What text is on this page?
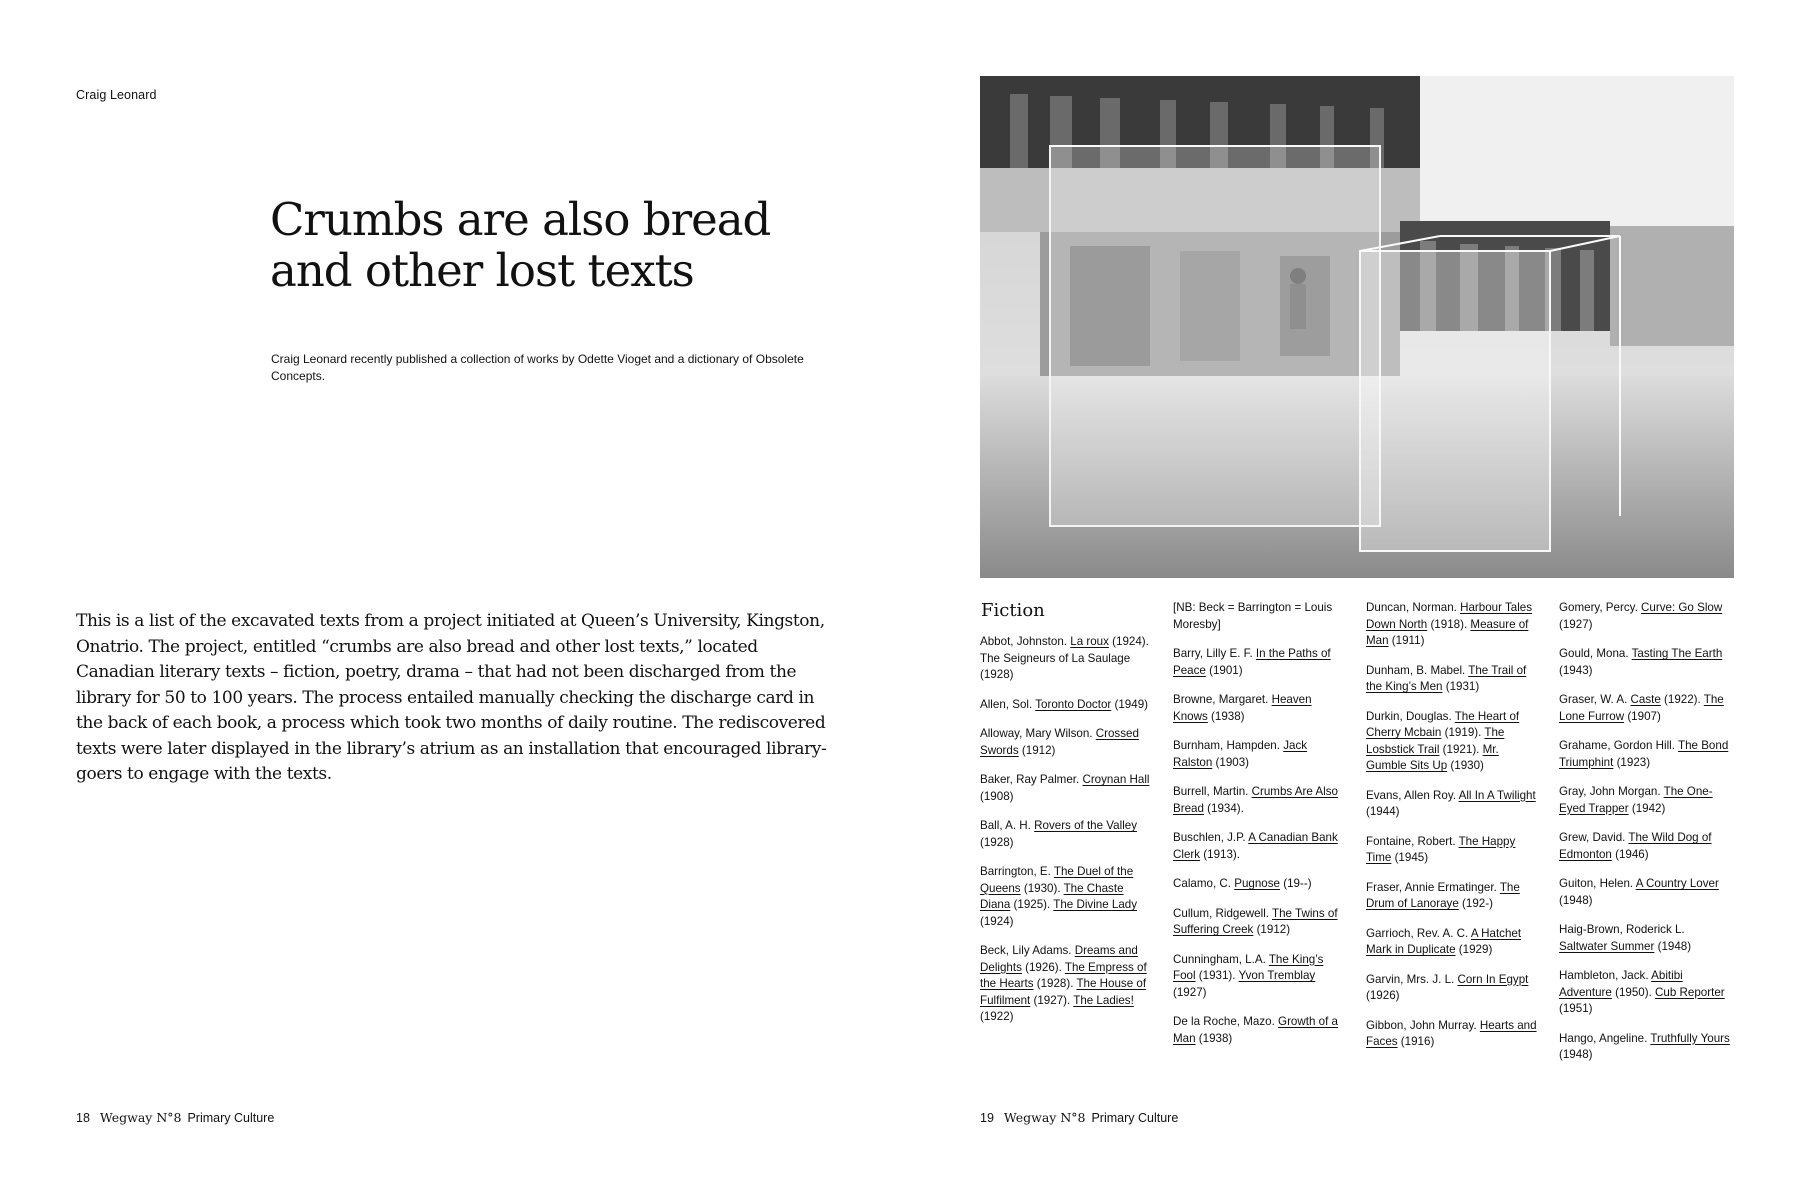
Craig Leonard
Crumbs are also bread
and other lost texts
Craig Leonard recently published a collection of works by Odette Vioget and a dictionary of Obsolete Concepts.
This is a list of the excavated texts from a project initiated at Queen’s University, Kingston, Onatrio. The project, entitled “crumbs are also bread and other lost texts,” located Canadian literary texts – fiction, poetry, drama – that had not been discharged from the library for 50 to 100 years. The process entailed manually checking the discharge card in the back of each book, a process which took two months of daily routine. The rediscovered texts were later displayed in the library’s atrium as an installation that encouraged library-goers to engage with the texts.
18 Wegway N°8 Primary Culture
Fiction
Abbot, Johnston. La roux (1924). The Seigneurs of La Saulage (1928)
Allen, Sol. Toronto Doctor (1949)
Alloway, Mary Wilson. Crossed Swords (1912)
Baker, Ray Palmer. Croynan Hall (1908)
Ball, A. H. Rovers of the Valley (1928)
Barrington, E. The Duel of the Queens (1930). The Chaste Diana (1925). The Divine Lady (1924)
Beck, Lily Adams. Dreams and Delights (1926). The Empress of the Hearts (1928). The House of Fulfilment (1927). The Ladies! (1922)
[NB: Beck = Barrington = Louis Moresby]
Barry, Lilly E. F. In the Paths of Peace (1901)
Browne, Margaret. Heaven Knows (1938)
Burnham, Hampden. Jack Ralston (1903)
Burrell, Martin. Crumbs Are Also Bread (1934).
Buschlen, J.P. A Canadian Bank Clerk (1913).
Calamo, C. Pugnose (19--)
Cullum, Ridgewell. The Twins of Suffering Creek (1912)
Cunningham, L.A. The King’s Fool (1931). Yvon Tremblay (1927)
De la Roche, Mazo. Growth of a Man (1938)
Duncan, Norman. Harbour Tales Down North (1918). Measure of Man (1911)
Dunham, B. Mabel. The Trail of the King’s Men (1931)
Durkin, Douglas. The Heart of Cherry Mcbain (1919). The Losbstick Trail (1921). Mr. Gumble Sits Up (1930)
Evans, Allen Roy. All In A Twilight (1944)
Fontaine, Robert. The Happy Time (1945)
Fraser, Annie Ermatinger. The Drum of Lanoraye (192-)
Garrioch, Rev. A. C. A Hatchet Mark in Duplicate (1929)
Garvin, Mrs. J. L. Corn In Egypt (1926)
Gibbon, John Murray. Hearts and Faces (1916)
Gomery, Percy. Curve: Go Slow (1927)
Gould, Mona. Tasting The Earth (1943)
Graser, W. A. Caste (1922). The Lone Furrow (1907)
Grahame, Gordon Hill. The Bond Triumphint (1923)
Gray, John Morgan. The One-Eyed Trapper (1942)
Grew, David. The Wild Dog of Edmonton (1946)
Guiton, Helen. A Country Lover (1948)
Haig-Brown, Roderick L. Saltwater Summer (1948)
Hambleton, Jack. Abitibi Adventure (1950). Cub Reporter (1951)
Hango, Angeline. Truthfully Yours (1948)
19 Wegway N°8 Primary Culture
